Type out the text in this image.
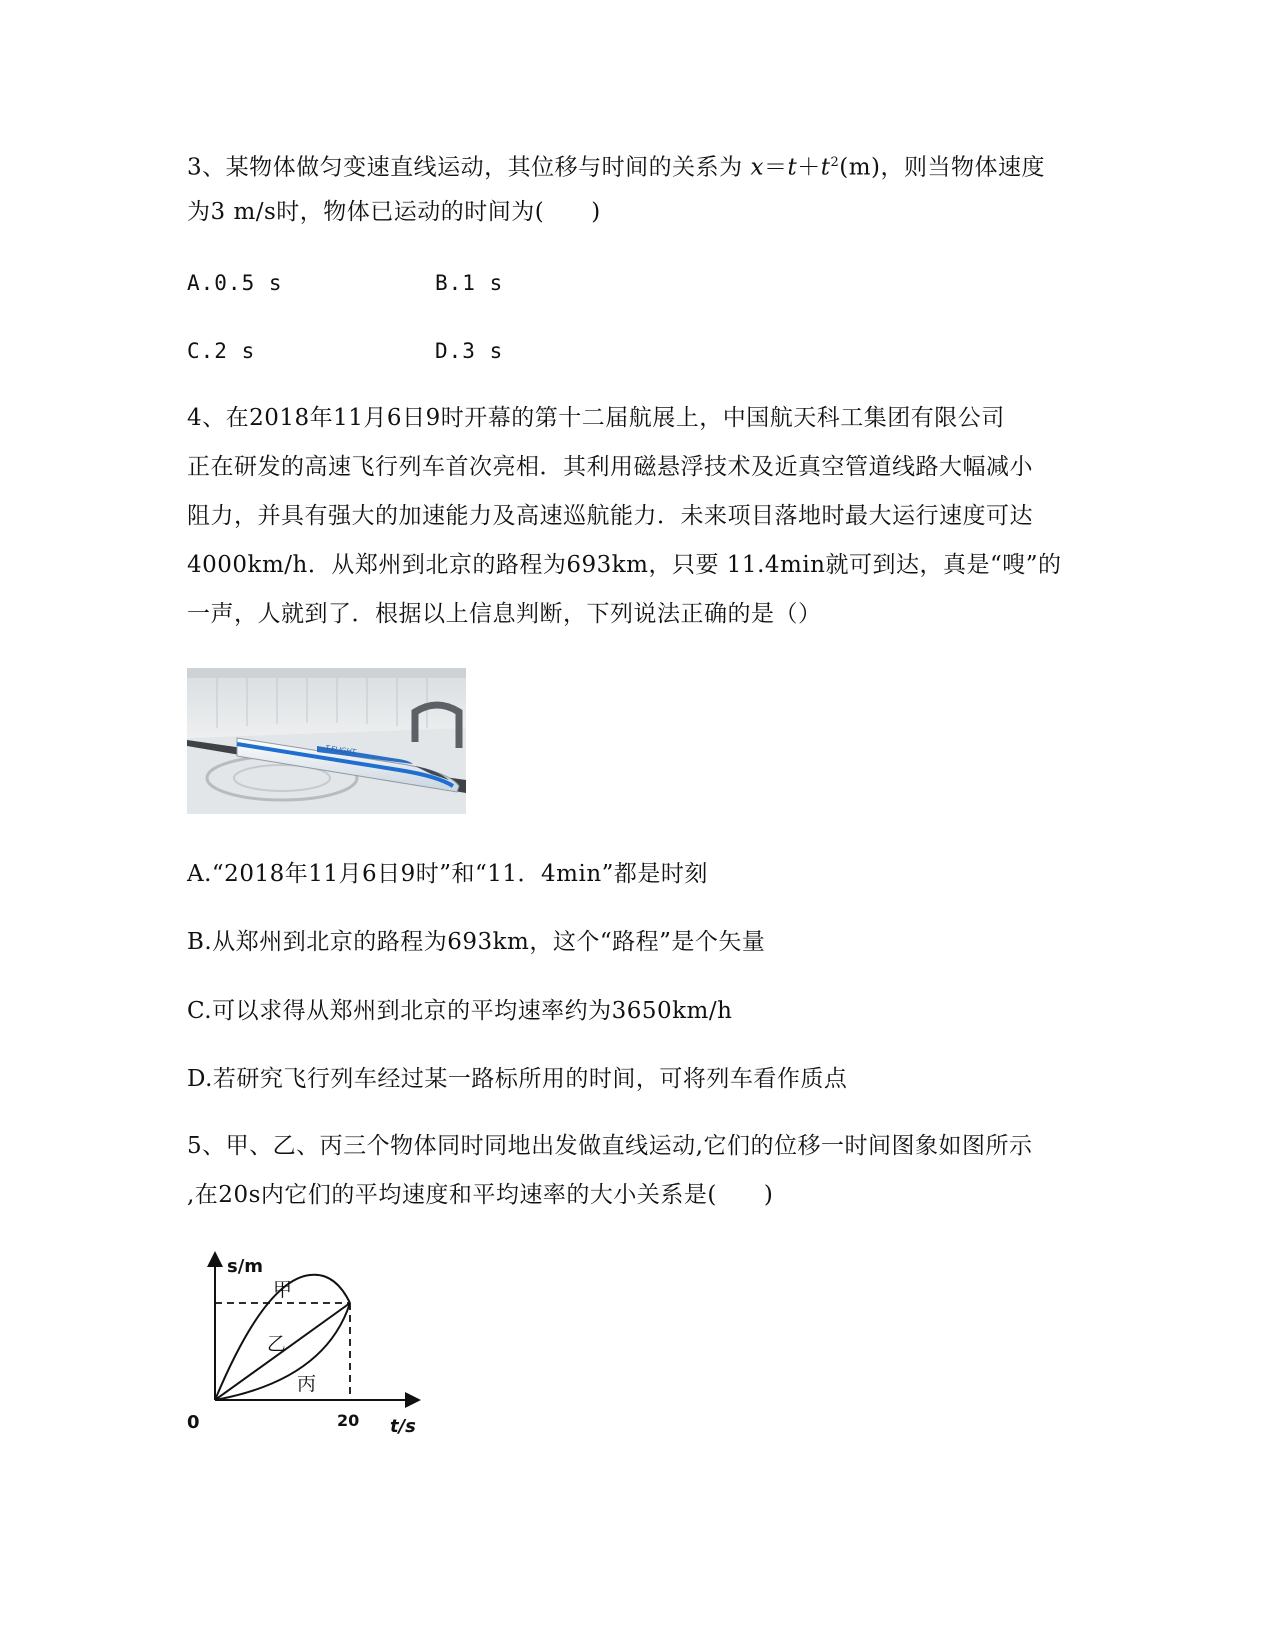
3、某物体做匀变速直线运动，其位移与时间的关系为 $x=t+t^2(m)$，则当物体速度
为3 m/s时，物体已运动的时间为(　　)
A.0.5 s	B.1 s
C.2 s	D.3 s
4、在2018年11月6日9时开幕的第十二届航展上，中国航天科工集团有限公司
正在研发的高速飞行列车首次亮相．其利用磁悬浮技术及近真空管道线路大幅减小
阻力，并具有强大的加速能力及高速巡航能力．未来项目落地时最大运行速度可达
4000km/h．从郑州到北京的路程为693km，只要 11.4min就可到达，真是“嗖”的
一声，人就到了．根据以上信息判断，下列说法正确的是（）
T-FLIGHT
A.“2018年11月6日9时”和“11．4min”都是时刻
B.从郑州到北京的路程为693km，这个“路程”是个矢量
C.可以求得从郑州到北京的平均速率约为3650km/h
D.若研究飞行列车经过某一路标所用的时间，可将列车看作质点
5、甲、乙、丙三个物体同时同地出发做直线运动,它们的位移一时间图象如图所示
,在20s内它们的平均速度和平均速率的大小关系是(　　)
s/m
甲
乙
丙
0	20 t/s
